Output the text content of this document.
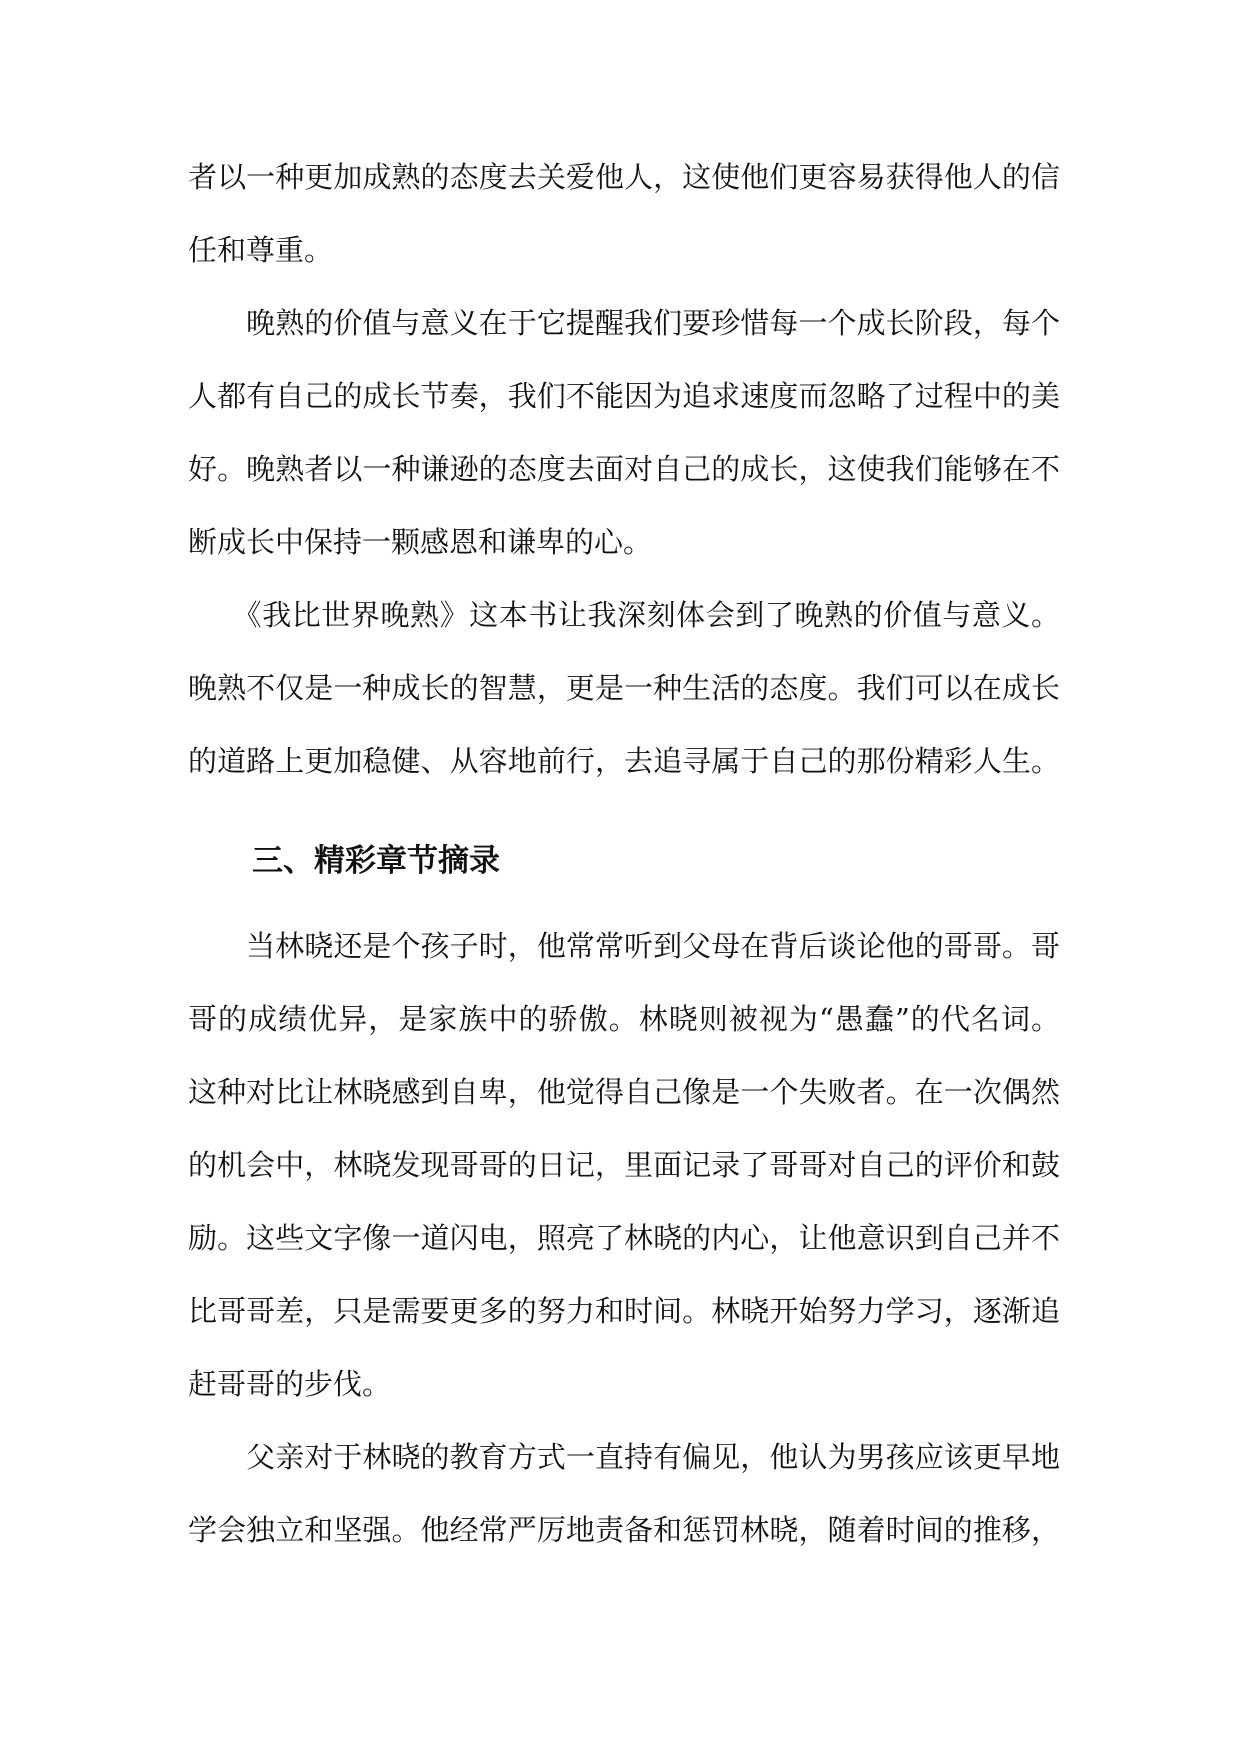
者以一种更加成熟的态度去关爱他人，这使他们更容易获得他人的信
任和尊重。
　　晚熟的价值与意义在于它提醒我们要珍惜每一个成长阶段，每个
人都有自己的成长节奏，我们不能因为追求速度而忽略了过程中的美
好。晚熟者以一种谦逊的态度去面对自己的成长，这使我们能够在不
断成长中保持一颗感恩和谦卑的心。
　　《我比世界晚熟》这本书让我深刻体会到了晚熟的价值与意义。
晚熟不仅是一种成长的智慧，更是一种生活的态度。我们可以在成长
的道路上更加稳健、从容地前行，去追寻属于自己的那份精彩人生。
三、精彩章节摘录
　　当林晓还是个孩子时，他常常听到父母在背后谈论他的哥哥。哥
哥的成绩优异，是家族中的骄傲。林晓则被视为“愚蠢”的代名词。
这种对比让林晓感到自卑，他觉得自己像是一个失败者。在一次偶然
的机会中，林晓发现哥哥的日记，里面记录了哥哥对自己的评价和鼓
励。这些文字像一道闪电，照亮了林晓的内心，让他意识到自己并不
比哥哥差，只是需要更多的努力和时间。林晓开始努力学习，逐渐追
赶哥哥的步伐。
　　父亲对于林晓的教育方式一直持有偏见，他认为男孩应该更早地
学会独立和坚强。他经常严厉地责备和惩罚林晓，随着时间的推移，
